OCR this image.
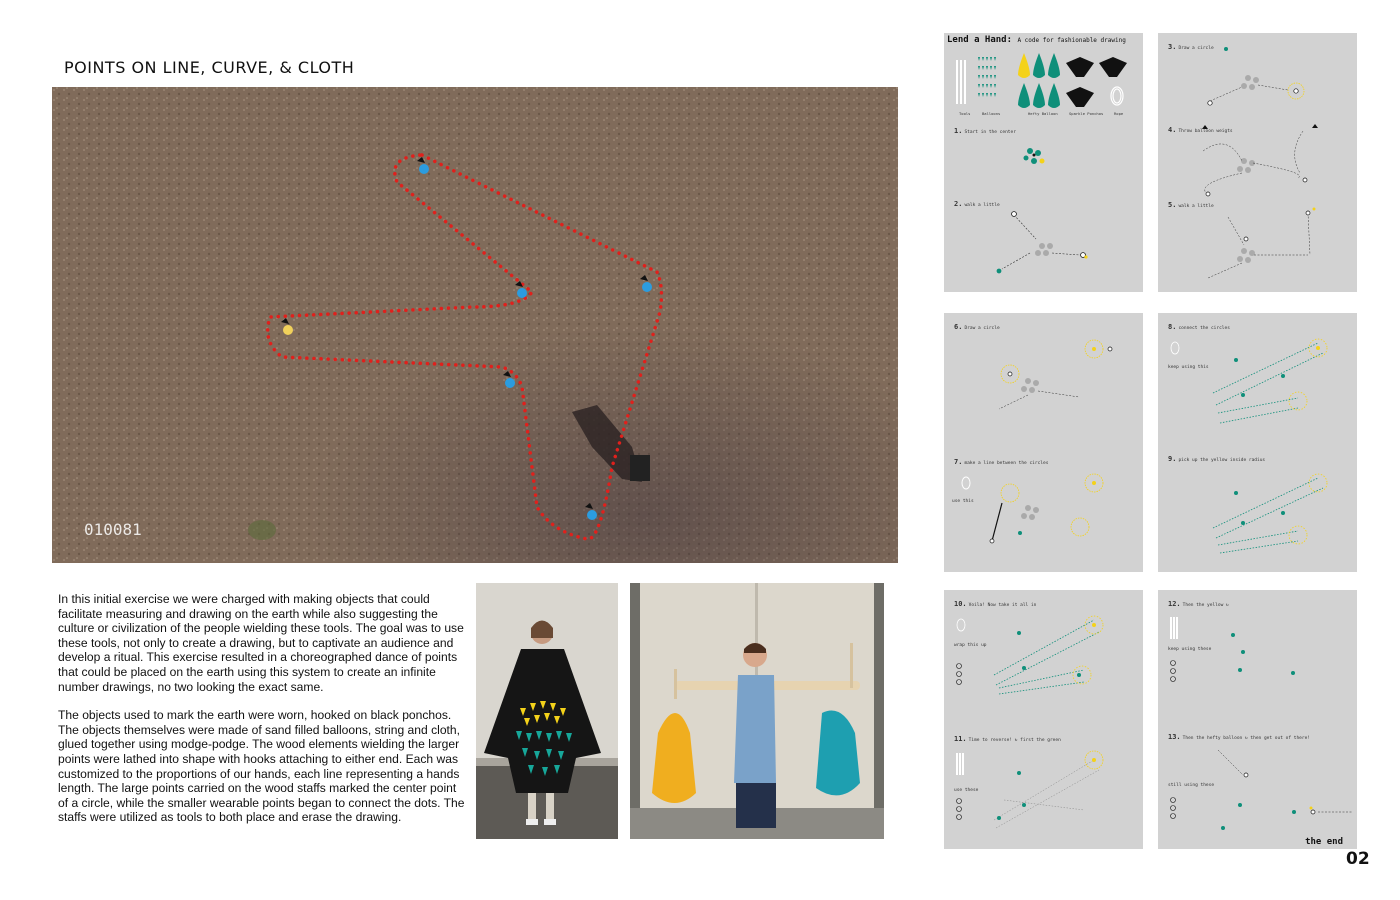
POINTS ON LINE, CURVE, & CLOTH
010081

In this initial exercise we were charged with making objects that could facilitate measuring and drawing on the earth while also suggesting the culture or civilization of the people wielding these tools. The goal was to use these tools, not only to create a drawing, but to captivate an audience and develop a ritual. This exercise resulted in a choreographed dance of points that could be placed on the earth using this system to create an infinite number drawings, no two looking the exact same.

The objects used to mark the earth were worn, hooked on black ponchos. The objects themselves were made of sand filled balloons, string and cloth, glued together using modge-podge. The wood elements wielding the larger points were lathed into shape with hooks attaching to either end. Each was customized to the proportions of our hands, each line representing a hands length. The large points carried on the wood staffs marked the center point of a circle, while the smaller wearable points began to connect the dots. The staffs were utilized as tools to both place and erase the drawing.

Lend a Hand: A code for fashionable drawing
Tools	Balloons	Hefty Balloon	Sparkle Ponchos	Rope
1. Start in the center
2. walk a little
3. Draw a circle
4. Throw balloon weigts
5. walk a little
6. Draw a circle
7. make a line between the circles
use this
8. connect the circles
keep using this
9. pick up the yellow inside radius
10. Voila! Now take it all in
wrap this up
11. Time to reverse! ↻ first the green
use these
12. Then the yellow ↻
keep using these
13. Then the hefty balloon ↻ then get out of there!
still using these
the end
02
